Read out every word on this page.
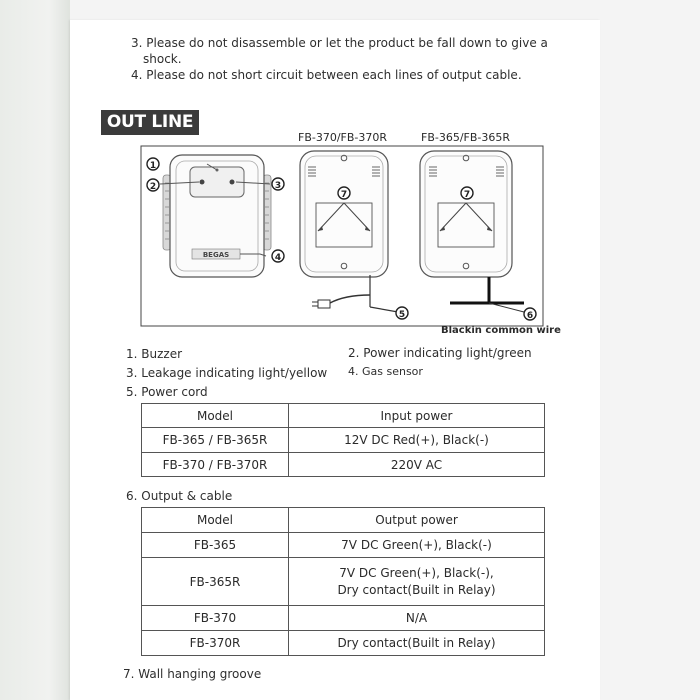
3. Please do not disassemble or let the product be fall down to give a
shock.
4. Please do not short circuit between each lines of output cable.
OUT LINE
FB-370/FB-370R	FB-365/FB-365R
BEGAS
1
2	3
4
7
5
7
6
Blackin common wire
1. Buzzer	2. Power indicating light/green
3. Leakage indicating light/yellow 4. Gas sensor
5. Power cord
Model	Input power
FB-365 / FB-365R	12V DC Red(+), Black(-)
FB-370 / FB-370R	220V AC
6. Output & cable
Model	Output power
FB-365	7V DC Green(+), Black(-)
FB-365R	7V DC Green(+), Black(-),
Dry contact(Built in Relay)

FB-370	N/A
FB-370R	Dry contact(Built in Relay)
7. Wall hanging groove
